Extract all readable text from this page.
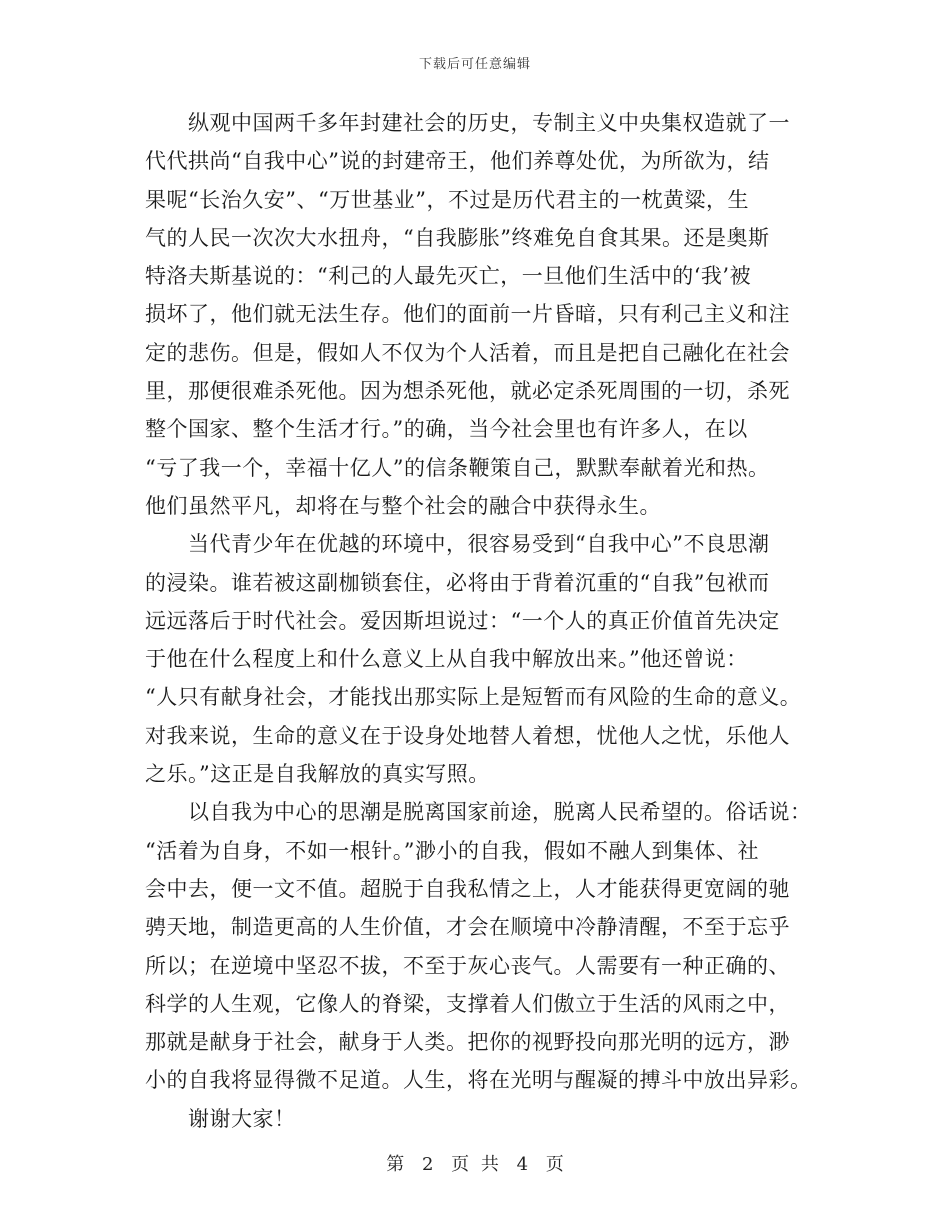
下载后可任意编辑
纵观中国两千多年封建社会的历史，专制主义中央集权造就了一
代代拱尚“自我中心”说的封建帝王，他们养尊处优，为所欲为，结
果呢“长治久安”、“万世基业”，不过是历代君主的一枕黄粱，生
气的人民一次次大水扭舟，“自我膨胀”终难免自食其果。还是奥斯
特洛夫斯基说的：“利己的人最先灭亡，一旦他们生活中的‘我’被
损坏了，他们就无法生存。他们的面前一片昏暗，只有利己主义和注
定的悲伤。但是，假如人不仅为个人活着，而且是把自己融化在社会
里，那便很难杀死他。因为想杀死他，就必定杀死周围的一切，杀死
整个国家、整个生活才行。”的确，当今社会里也有许多人，在以
“亏了我一个，幸福十亿人”的信条鞭策自己，默默奉献着光和热。
他们虽然平凡，却将在与整个社会的融合中获得永生。
当代青少年在优越的环境中，很容易受到“自我中心”不良思潮
的浸染。谁若被这副枷锁套住，必将由于背着沉重的“自我”包袱而
远远落后于时代社会。爱因斯坦说过：“一个人的真正价值首先决定
于他在什么程度上和什么意义上从自我中解放出来。”他还曾说：
“人只有献身社会，才能找出那实际上是短暂而有风险的生命的意义。
对我来说，生命的意义在于设身处地替人着想，忧他人之忧，乐他人
之乐。”这正是自我解放的真实写照。
以自我为中心的思潮是脱离国家前途，脱离人民希望的。俗话说：
“活着为自身，不如一根针。”渺小的自我，假如不融人到集体、社
会中去，便一文不值。超脱于自我私情之上，人才能获得更宽阔的驰
骋天地，制造更高的人生价值，才会在顺境中冷静清醒，不至于忘乎
所以；在逆境中坚忍不拔，不至于灰心丧气。人需要有一种正确的、
科学的人生观，它像人的脊梁，支撑着人们傲立于生活的风雨之中，
那就是献身于社会，献身于人类。把你的视野投向那光明的远方，渺
小的自我将显得微不足道。人生，将在光明与醒凝的搏斗中放出异彩。
谢谢大家！
第 2 页 共 4 页
